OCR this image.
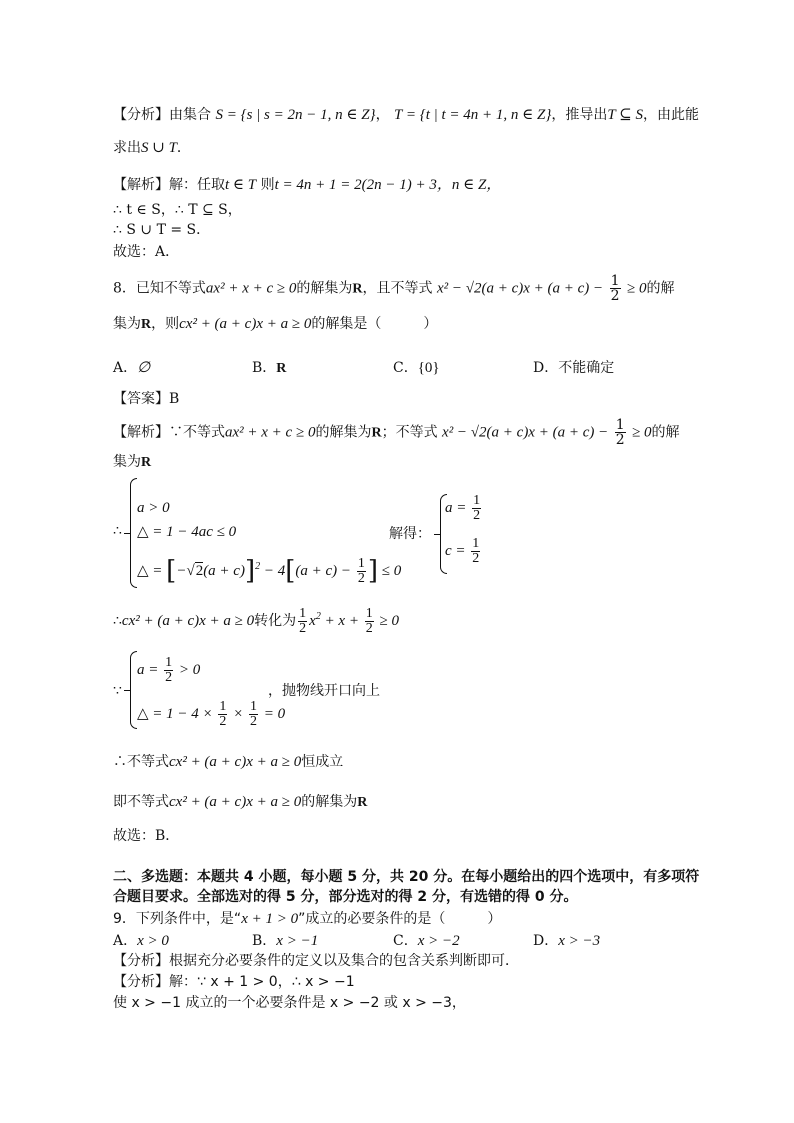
【分析】由集合 S = {s | s = 2n − 1, n ∈ Z}， T = {t | t = 4n + 1, n ∈ Z}，推导出T ⊆ S，由此能
求出S ∪ T．
【解析】解：任取t ∈ T 则t = 4n + 1 = 2(2n − 1) + 3，n ∈ Z，
∴ t ∈ S，∴ T ⊆ S，
∴ S ∪ T = S．
故选：A．
8．已知不等式ax² + x + c ≥ 0的解集为R，且不等式 $x^2 - √2(a + c)x + (a + c) - \frac{1}{2} \ge 0$的解
集为R，则cx² + (a + c)x + a ≥ 0的解集是（　　　）
A．∅	B．R	C．{0}	D．不能确定
【答案】B
【解析】∵不等式ax² + x + c ≥ 0的解集为R；不等式 $x^2 - √2(a + c)x + (a + c) - \frac{1}{2} \ge 0$的解
集为R
∴
a > 0
△ = 1 − 4ac ≤ 0
△ = $[-√2(a + c)]^2 - 4[(a + c) - \frac{1}{2}$ ] ≤ 0
解得：
$a = \frac{1}{2}$
$c = \frac{1}{2}$
∴cx² + (a + c)x + a ≥ 0转化为 $\frac{1}{2} x^2 + x + \frac{1}{2} \ge 0$
∵
$a = \frac{1}{2} > 0$
△ = $1 - 4 \times \frac{1}{2} \times \frac{1}{2} = 0$
，抛物线开口向上
∴不等式cx² + (a + c)x + a ≥ 0恒成立
即不等式cx² + (a + c)x + a ≥ 0的解集为R
故选：B．
二、多选题：本题共 4 小题，每小题 5 分，共 20 分。在每小题给出的四个选项中，有多项符
合题目要求。全部选对的得 5 分，部分选对的得 2 分，有选错的得 0 分。
9．下列条件中，是“x + 1 > 0”成立的必要条件的是（　　　）
A．x > 0	B．x > −1	C．x > −2	D．x > −3
【分析】根据充分必要条件的定义以及集合的包含关系判断即可．
【分析】解：∵ x + 1 > 0，∴ x > −1
使 x > −1 成立的一个必要条件是 x > −2 或 x > −3，
